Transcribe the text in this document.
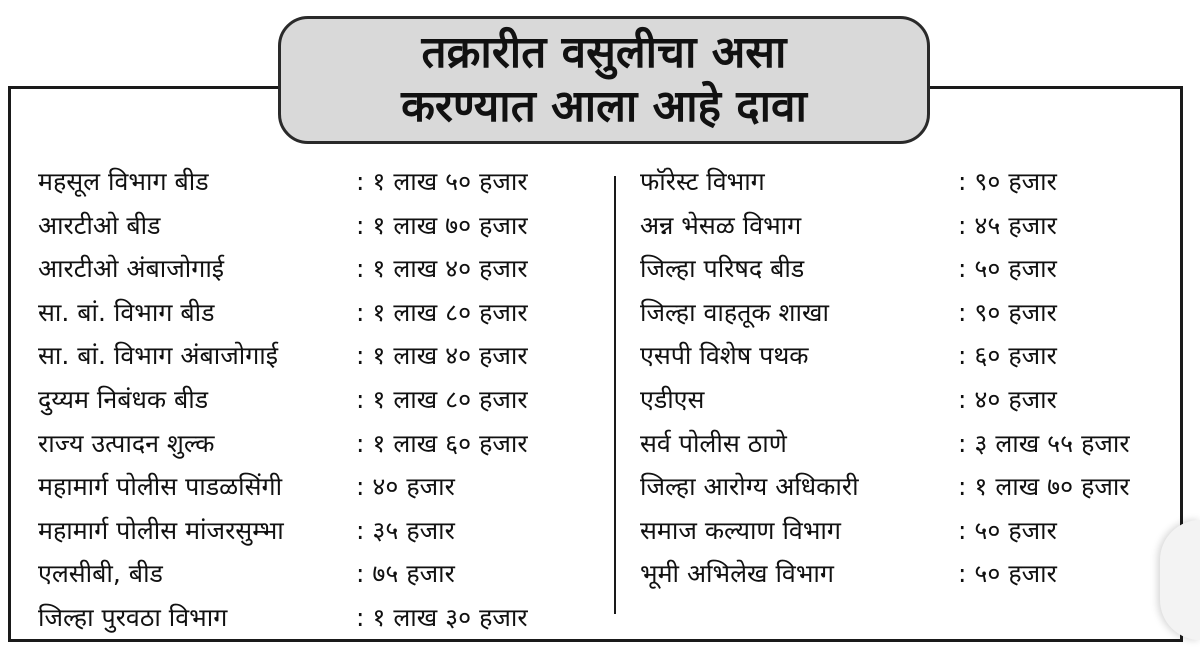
तक्रारीत वसुलीचा असा
करण्यात आला आहे दावा
महसूल विभाग बीड	: १ लाख ५० हजार
आरटीओ बीड	: १ लाख ७० हजार
आरटीओ अंबाजोगाई	: १ लाख ४० हजार
सा. बां. विभाग बीड	: १ लाख ८० हजार
सा. बां. विभाग अंबाजोगाई	: १ लाख ४० हजार
दुय्यम निबंधक बीड	: १ लाख ८० हजार
राज्य उत्पादन शुल्क	: १ लाख ६० हजार
महामार्ग पोलीस पाडळसिंगी	: ४० हजार
महामार्ग पोलीस मांजरसुम्भा	: ३५ हजार
एलसीबी, बीड	: ७५ हजार
जिल्हा पुरवठा विभाग	: १ लाख ३० हजार
फॉरेस्ट विभाग	: ९० हजार
अन्न भेसळ विभाग	: ४५ हजार
जिल्हा परिषद बीड	: ५० हजार
जिल्हा वाहतूक शाखा	: ९० हजार
एसपी विशेष पथक	: ६० हजार
एडीएस	: ४० हजार
सर्व पोलीस ठाणे	: ३ लाख ५५ हजार
जिल्हा आरोग्य अधिकारी	: १ लाख ७० हजार
समाज कल्याण विभाग	: ५० हजार
भूमी अभिलेख विभाग	: ५० हजार
